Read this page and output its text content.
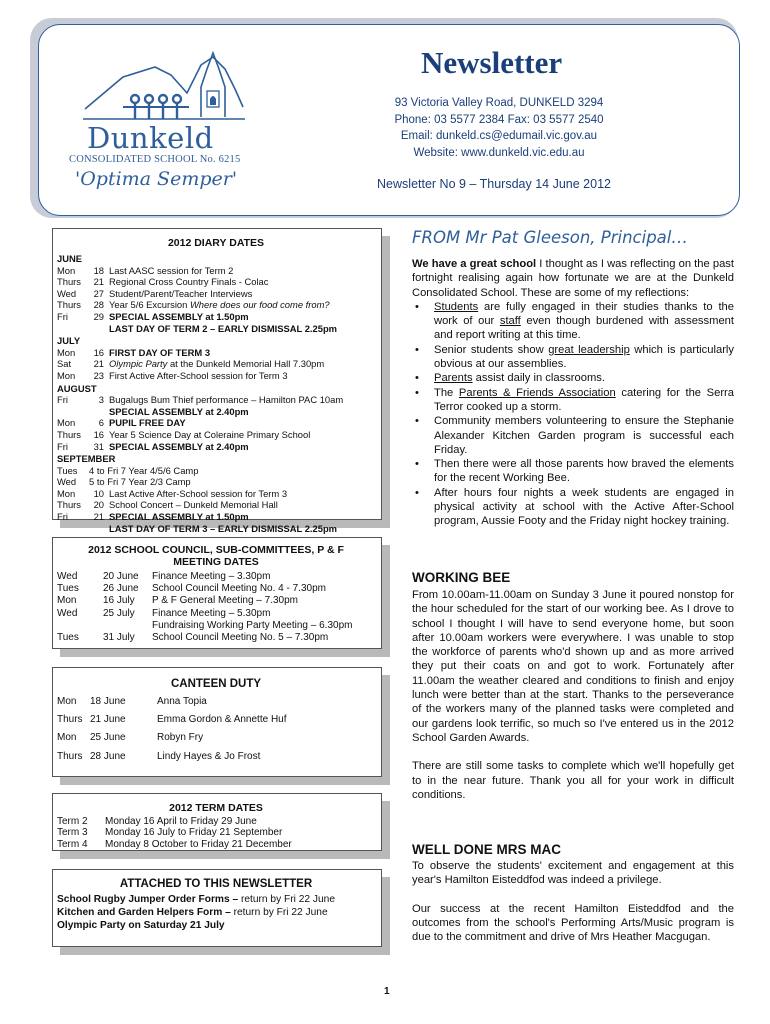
Dunkeld
CONSOLIDATED SCHOOL No. 6215
'Optima Semper'
Newsletter
93 Victoria Valley Road, DUNKELD 3294
Phone: 03 5577 2384 Fax: 03 5577 2540
Email: dunkeld.cs@edumail.vic.gov.au
Website: www.dunkeld.vic.edu.au
Newsletter No 9 – Thursday 14 June 2012
2012 DIARY DATES
JUNE
Mon	18 Last AASC session for Term 2
Thurs	21 Regional Cross Country Finals - Colac
Wed	27 Student/Parent/Teacher Interviews
Thurs	28 Year 5/6 Excursion Where does our food come from?
Fri	29 SPECIAL ASSEMBLY at 1.50pm
LAST DAY OF TERM 2 – EARLY DISMISSAL 2.25pm
JULY
Mon	16 FIRST DAY OF TERM 3
Sat	21 Olympic Party at the Dunkeld Memorial Hall 7.30pm
Mon	23 First Active After-School session for Term 3
AUGUST
Fri	3 Bugalugs Bum Thief performance – Hamilton PAC 10am
SPECIAL ASSEMBLY at 2.40pm
Mon	6 PUPIL FREE DAY
Thurs	16 Year 5 Science Day at Coleraine Primary School
Fri	31 SPECIAL ASSEMBLY at 2.40pm
SEPTEMBER
Tues	4 to Fri 7 Year 4/5/6 Camp
Wed	5 to Fri 7 Year 2/3 Camp
Mon	10 Last Active After-School session for Term 3
Thurs	20 School Concert – Dunkeld Memorial Hall
Fri	21 SPECIAL ASSEMBLY at 1.50pm
LAST DAY OF TERM 3 – EARLY DISMISSAL 2.25pm
2012 SCHOOL COUNCIL, SUB-COMMITTEES, P & F
MEETING DATES
Wed	20 June	Finance Meeting – 3.30pm
Tues	26 June	School Council Meeting No. 4 - 7.30pm
Mon	16 July	P & F General Meeting – 7.30pm
Wed	25 July	Finance Meeting – 5.30pm
Fundraising Working Party Meeting – 6.30pm
Tues	31 July	School Council Meeting No. 5 – 7.30pm
CANTEEN DUTY
Mon	18 June	Anna Topia
Thurs 21 June	Emma Gordon & Annette Huf
Mon	25 June	Robyn Fry
Thurs 28 June	Lindy Hayes & Jo Frost
2012 TERM DATES
Term 2	Monday 16 April to Friday 29 June
Term 3	Monday 16 July to Friday 21 September
Term 4	Monday 8 October to Friday 21 December
ATTACHED TO THIS NEWSLETTER
School Rugby Jumper Order Forms – return by Fri 22 June
Kitchen and Garden Helpers Form – return by Fri 22 June
Olympic Party on Saturday 21 July
FROM Mr Pat Gleeson, Principal…

We have a great school I thought as I was reflecting on the past fortnight realising again how fortunate we are at the Dunkeld Consolidated School. These are some of my reflections:

• Students are fully engaged in their studies thanks to the work of our staff even though burdened with assessment and report writing at this time.
• Senior students show great leadership which is particularly obvious at our assemblies.
• Parents assist daily in classrooms.
• The Parents & Friends Association catering for the Serra Terror cooked up a storm.
• Community members volunteering to ensure the Stephanie Alexander Kitchen Garden program is successful each Friday.
• Then there were all those parents how braved the elements for the recent Working Bee.
• After hours four nights a week students are engaged in physical activity at school with the Active After-School program, Aussie Footy and the Friday night hockey training.
WORKING BEE

From 10.00am-11.00am on Sunday 3 June it poured nonstop for the hour scheduled for the start of our working bee. As I drove to school I thought I will have to send everyone home, but soon after 10.00am workers were everywhere. I was unable to stop the workforce of parents who'd shown up and as more arrived they put their coats on and got to work. Fortunately after 11.00am the weather cleared and conditions to finish and enjoy lunch were better than at the start. Thanks to the perseverance of the workers many of the planned tasks were completed and our gardens look terrific, so much so I've entered us in the 2012 School Garden Awards.

There are still some tasks to complete which we'll hopefully get to in the near future. Thank you all for your work in difficult conditions.

WELL DONE MRS MAC

To observe the students' excitement and engagement at this year's Hamilton Eisteddfod was indeed a privilege.

Our success at the recent Hamilton Eisteddfod and the outcomes from the school's Performing Arts/Music program is due to the commitment and drive of Mrs Heather Macgugan.

1
